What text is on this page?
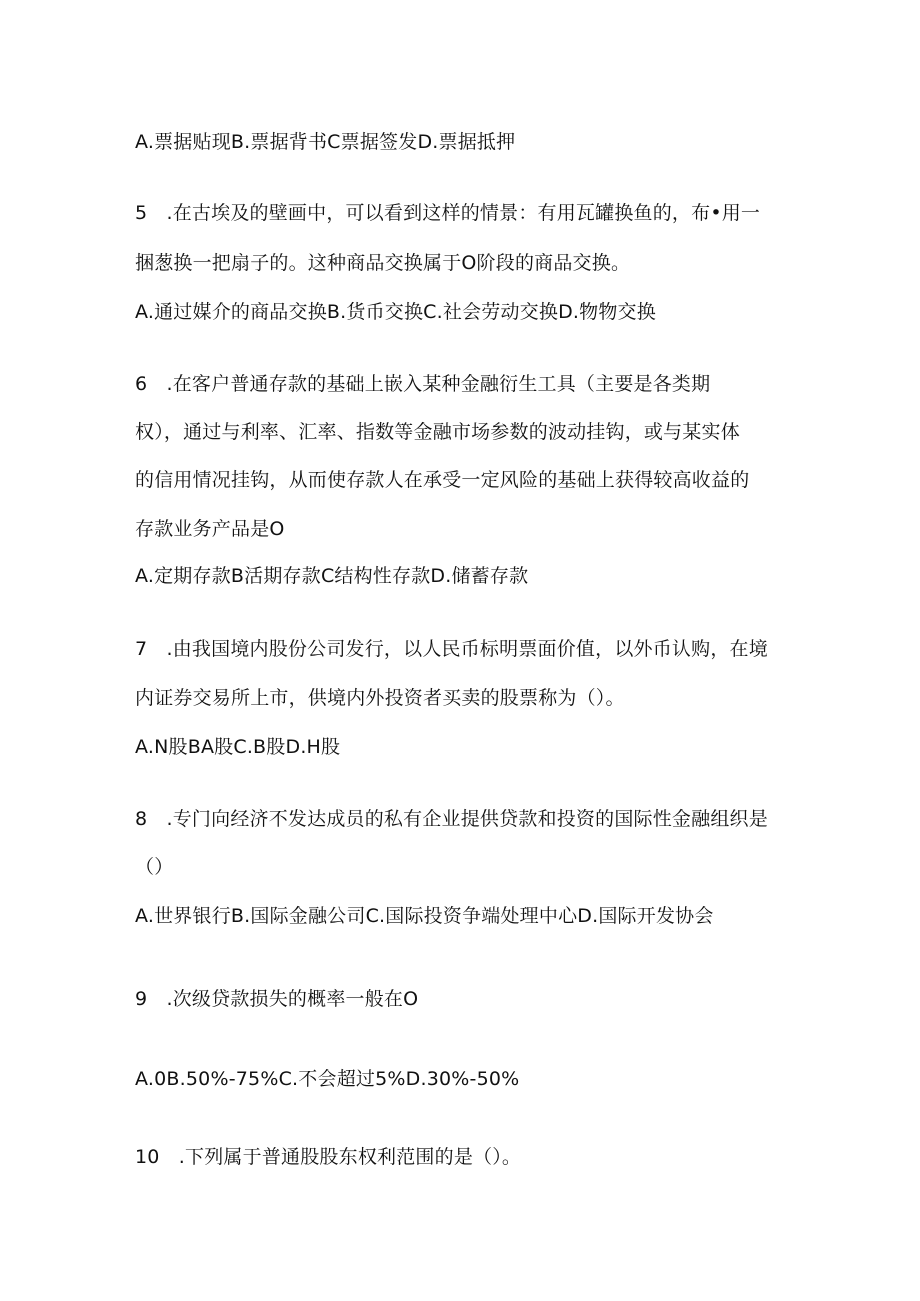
A.票据贴现B.票据背书C票据签发D.票据抵押
5　.在古埃及的壁画中，可以看到这样的情景：有用瓦罐换鱼的，布•用一
捆葱换一把扇子的。这种商品交换属于O阶段的商品交换。
A.通过媒介的商品交换B.货币交换C.社会劳动交换D.物物交换
6　.在客户普通存款的基础上嵌入某种金融衍生工具（主要是各类期
权），通过与利率、汇率、指数等金融市场参数的波动挂钩，或与某实体
的信用情况挂钩，从而使存款人在承受一定风险的基础上获得较高收益的
存款业务产品是O
A.定期存款B活期存款C结构性存款D.储蓄存款
7　.由我国境内股份公司发行，以人民币标明票面价值，以外币认购，在境
内证券交易所上市，供境内外投资者买卖的股票称为（）。
A.N股BA股C.B股D.H股
8　.专门向经济不发达成员的私有企业提供贷款和投资的国际性金融组织是
（）
A.世界银行B.国际金融公司C.国际投资争端处理中心D.国际开发协会
9　.次级贷款损失的概率一般在O
A.0B.50%-75%C.不会超过5%D.30%-50%
10　.下列属于普通股股东权利范围的是（）。
